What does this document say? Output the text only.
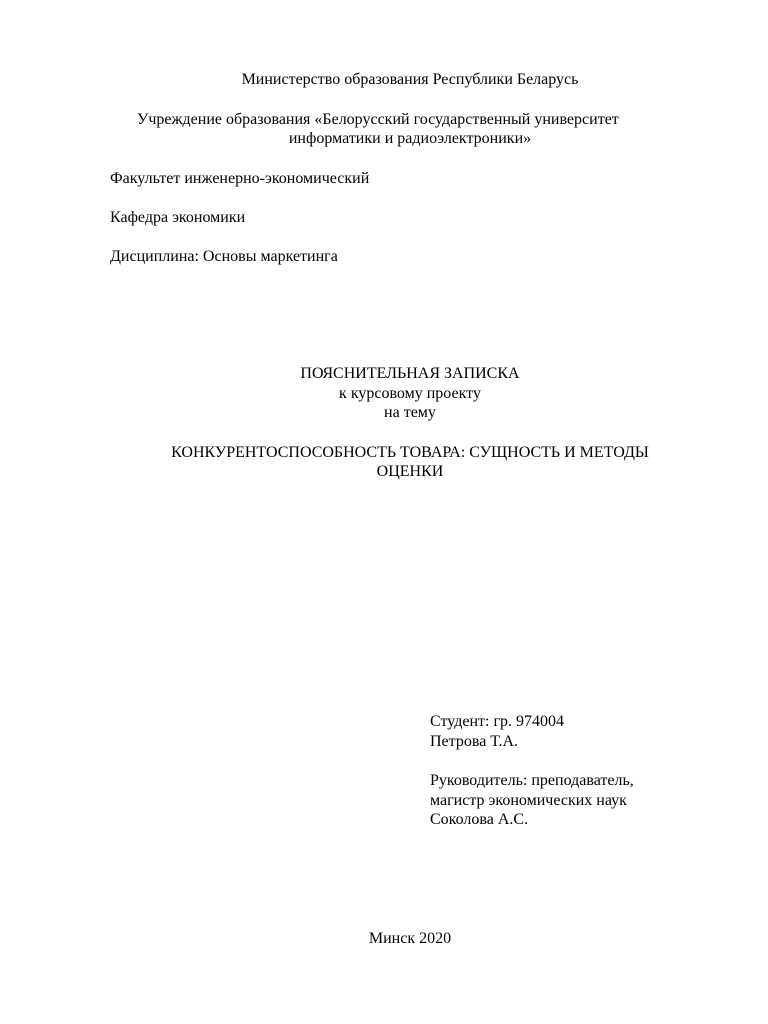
Министерство образования Республики Беларусь
Учреждение образования «Белорусский государственный университет
информатики и радиоэлектроники»
Факультет инженерно-экономический
Кафедра экономики
Дисциплина: Основы маркетинга
ПОЯСНИТЕЛЬНАЯ ЗАПИСКА
к курсовому проекту
на тему
КОНКУРЕНТОСПОСОБНОСТЬ ТОВАРА: СУЩНОСТЬ И МЕТОДЫ
ОЦЕНКИ
Студент: гр. 974004
Петрова Т.А.
Руководитель: преподаватель,
магистр экономических наук
Соколова А.С.
Минск 2020
